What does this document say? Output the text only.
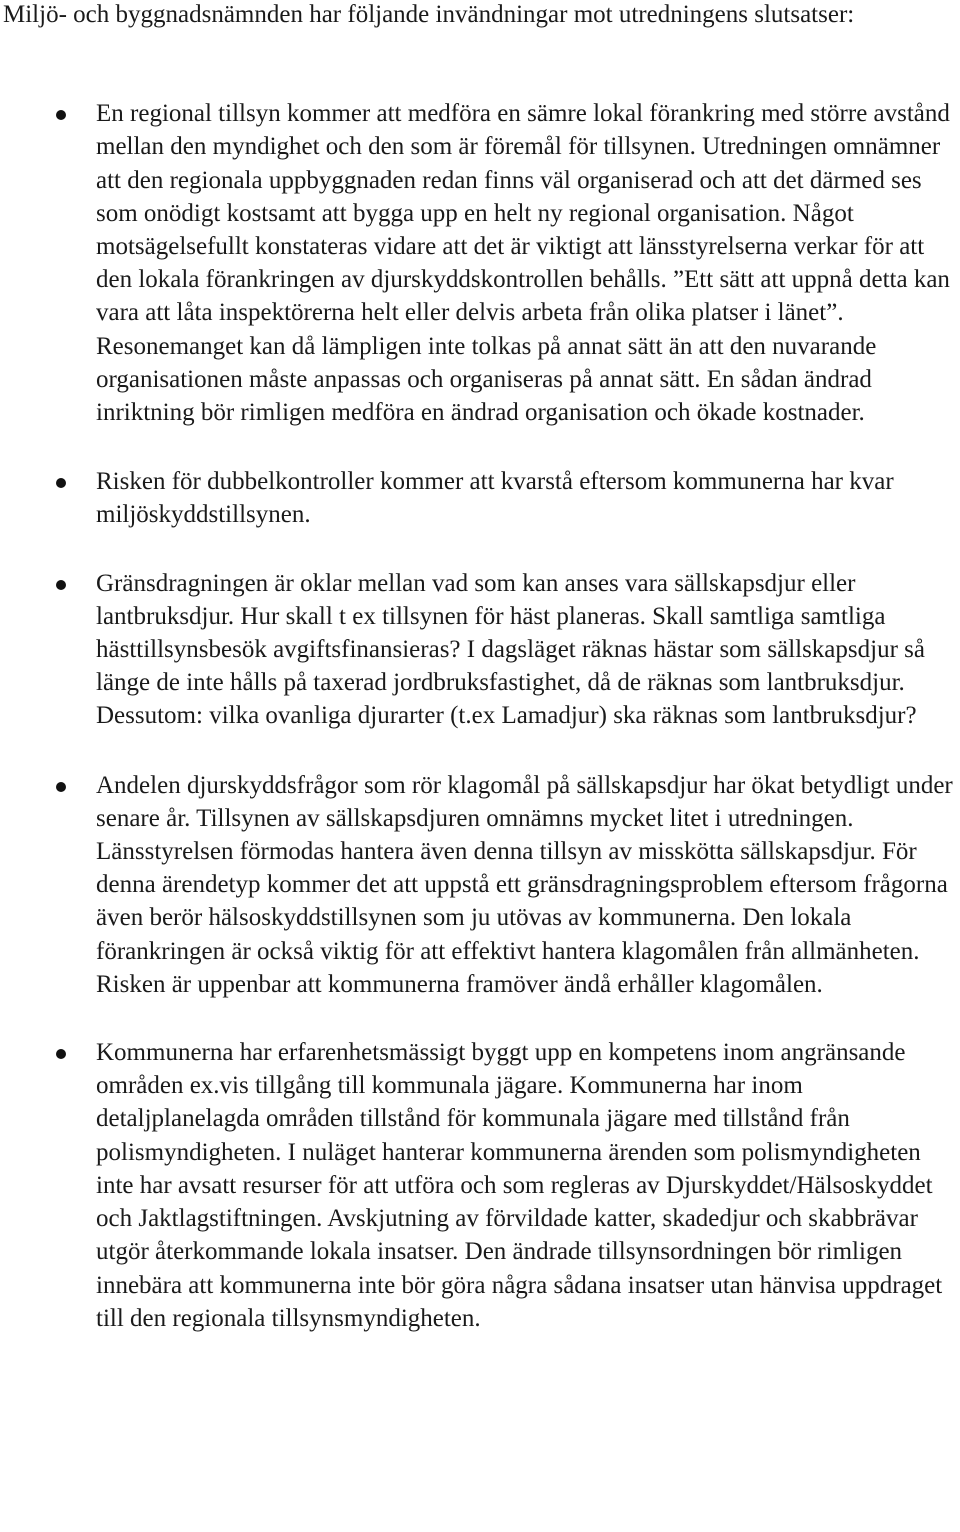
Miljö- och byggnadsnämnden har följande invändningar mot utredningens slutsatser:

En regional tillsyn kommer att medföra en sämre lokal förankring med större avstånd mellan den myndighet och den som är föremål för tillsynen. Utredningen omnämner att den regionala uppbyggnaden redan finns väl organiserad och att det därmed ses som onödigt kostsamt att bygga upp en helt ny regional organisation. Något motsägelsefullt konstateras vidare att det är viktigt att länsstyrelserna verkar för att den lokala förankringen av djurskyddskontrollen behålls. ”Ett sätt att uppnå detta kan vara att låta inspektörerna helt eller delvis arbeta från olika platser i länet”. Resonemanget kan då lämpligen inte tolkas på annat sätt än att den nuvarande organisationen måste anpassas och organiseras på annat sätt. En sådan ändrad inriktning bör rimligen medföra en ändrad organisation och ökade kostnader.

Risken för dubbelkontroller kommer att kvarstå eftersom kommunerna har kvar miljöskyddstillsynen.

Gränsdragningen är oklar mellan vad som kan anses vara sällskapsdjur eller lantbruksdjur. Hur skall t ex tillsynen för häst planeras. Skall samtliga samtliga hästtillsynsbesök avgiftsfinansieras? I dagsläget räknas hästar som sällskapsdjur så länge de inte hålls på taxerad jordbruksfastighet, då de räknas som lantbruksdjur. Dessutom: vilka ovanliga djurarter (t.ex Lamadjur) ska räknas som lantbruksdjur?

Andelen djurskyddsfrågor som rör klagomål på sällskapsdjur har ökat betydligt under senare år. Tillsynen av sällskapsdjuren omnämns mycket litet i utredningen. Länsstyrelsen förmodas hantera även denna tillsyn av misskötta sällskapsdjur. För denna ärendetyp kommer det att uppstå ett gränsdragningsproblem eftersom frågorna även berör hälsoskyddstillsynen som ju utövas av kommunerna. Den lokala förankringen är också viktig för att effektivt hantera klagomålen från allmänheten. Risken är uppenbar att kommunerna framöver ändå erhåller klagomålen.

Kommunerna har erfarenhetsmässigt byggt upp en kompetens inom angränsande områden ex.vis tillgång till kommunala jägare. Kommunerna har inom detaljplanelagda områden tillstånd för kommunala jägare med tillstånd från polismyndigheten. I nuläget hanterar kommunerna ärenden som polismyndigheten inte har avsatt resurser för att utföra och som regleras av Djurskyddet/Hälsoskyddet och Jaktlagstiftningen. Avskjutning av förvildade katter, skadedjur och skabbrävar utgör återkommande lokala insatser. Den ändrade tillsynsordningen bör rimligen innebära att kommunerna inte bör göra några sådana insatser utan hänvisa uppdraget till den regionala tillsynsmyndigheten.
